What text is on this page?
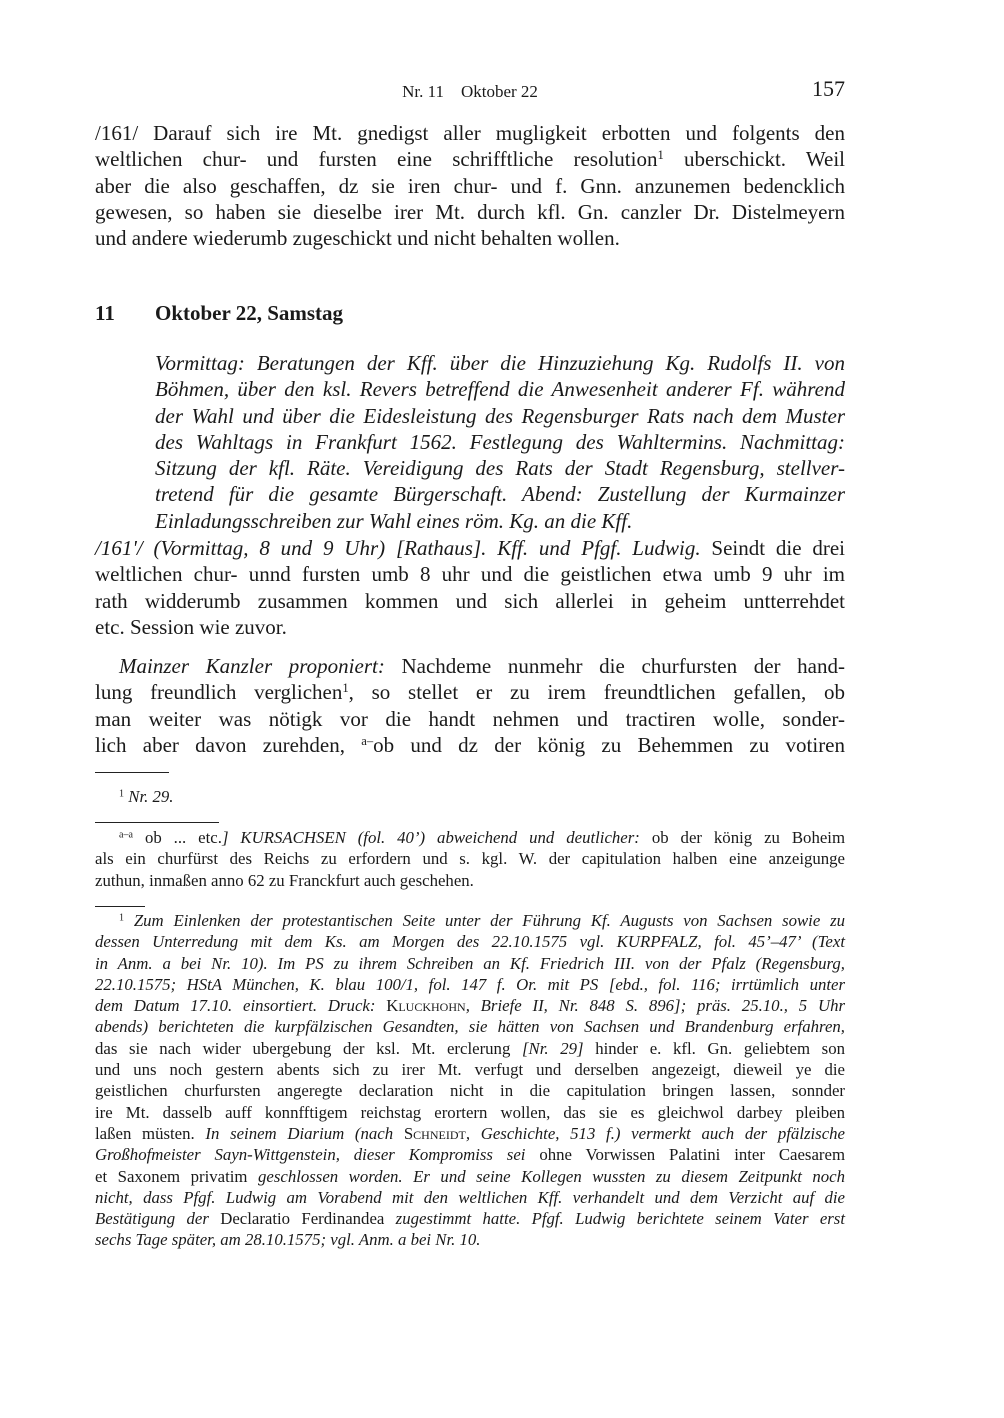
Nr. 11    Oktober 22	157
/161/ Darauf sich ire Mt. gnedigst aller mugligkeit erbotten und folgents den
weltlichen chur- und fursten eine schrifftliche resolution$^1$ uberschickt. Weil
aber die also geschaffen, dz sie iren chur- und f. Gnn. anzunemen bedencklich
gewesen, so haben sie dieselbe irer Mt. durch kfl. Gn. canzler Dr. Distelmeyern
und andere wiederumb zugeschickt und nicht behalten wollen.
11 Oktober 22, Samstag
Vormittag: Beratungen der Kff. über die Hinzuziehung Kg. Rudolfs II. von
Böhmen, über den ksl. Revers betreffend die Anwesenheit anderer Ff. während
der Wahl und über die Eidesleistung des Regensburger Rats nach dem Muster
des Wahltags in Frankfurt 1562. Festlegung des Wahltermins. Nachmittag:
Sitzung der kfl. Räte. Vereidigung des Rats der Stadt Regensburg, stellver-
tretend für die gesamte Bürgerschaft. Abend: Zustellung der Kurmainzer
Einladungsschreiben zur Wahl eines röm. Kg. an die Kff.
/161'/ (Vormittag, 8 und 9 Uhr) [Rathaus]. Kff. und Pfgf. Ludwig. Seindt die drei
weltlichen chur- unnd fursten umb 8 uhr und die geistlichen etwa umb 9 uhr im
rath widderumb zusammen kommen und sich allerlei in geheim untterrehdet
etc. Session wie zuvor.
Mainzer Kanzler proponiert: Nachdeme nunmehr die churfursten der hand-
lung freundlich verglichen$^1$, so stellet er zu irem freundtlichen gefallen, ob
man weiter was nötigk vor die handt nehmen und tractiren wolle, sonder-
lich aber davon zurehden, $^{a-}$ob und dz der könig zu Behemmen zu votiren
$^1$ Nr. 29.
$^{a-a}$ ob ... etc.] KURSACHSEN (fol. 40’) abweichend und deutlicher: ob der könig zu Boheim
als ein churfürst des Reichs zu erfordern und s. kgl. W. der capitulation halben eine anzeigunge
zuthun, inmaßen anno 62 zu Franckfurt auch geschehen.
$^1$ Zum Einlenken der protestantischen Seite unter der Führung Kf. Augusts von Sachsen sowie zu
dessen Unterredung mit dem Ks. am Morgen des 22.10.1575 vgl. KURPFALZ, fol. 45’–47’ (Text
in Anm. a bei Nr. 10). Im PS zu ihrem Schreiben an Kf. Friedrich III. von der Pfalz (Regensburg,
22.10.1575; HStA München, K. blau 100/1, fol. 147 f. Or. mit PS [ebd., fol. 116; irrtümlich unter
dem Datum 17.10. einsortiert. Druck: Kluckhohn, Briefe II, Nr. 848 S. 896]; präs. 25.10., 5 Uhr
abends) berichteten die kurpfälzischen Gesandten, sie hätten von Sachsen und Brandenburg erfahren,
das sie nach wider ubergebung der ksl. Mt. erclerung [Nr. 29] hinder e. kfl. Gn. geliebtem son
und uns noch gestern abents sich zu irer Mt. verfugt und derselben angezeigt, dieweil ye die
geistlichen churfursten angeregte declaration nicht in die capitulation bringen lassen, sonnder
ire Mt. dasselb auff konnfftigem reichstag erortern wollen, das sie es gleichwol darbey pleiben
laßen müsten. In seinem Diarium (nach Schneidt, Geschichte, 513 f.) vermerkt auch der pfälzische
Großhofmeister Sayn-Wittgenstein, dieser Kompromiss sei ohne Vorwissen Palatini inter Caesarem
et Saxonem privatim geschlossen worden. Er und seine Kollegen wussten zu diesem Zeitpunkt noch
nicht, dass Pfgf. Ludwig am Vorabend mit den weltlichen Kff. verhandelt und dem Verzicht auf die
Bestätigung der Declaratio Ferdinandea zugestimmt hatte. Pfgf. Ludwig berichtete seinem Vater erst
sechs Tage später, am 28.10.1575; vgl. Anm. a bei Nr. 10.
